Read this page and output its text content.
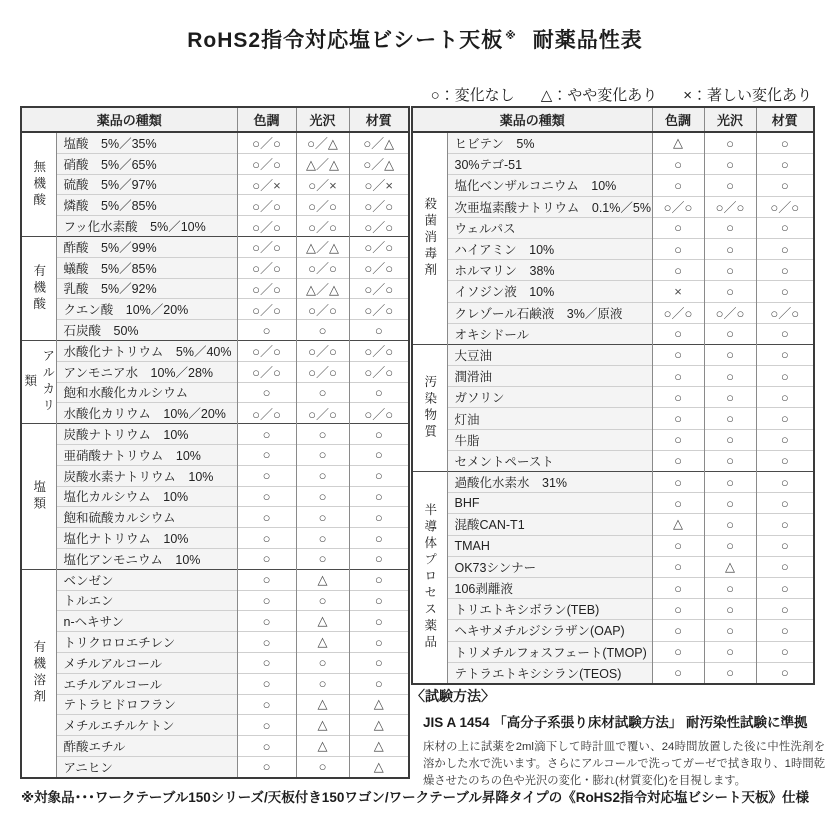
RoHS2指令対応塩ビシート天板 ※ 耐薬品性表
○：変化なし △：やや変化あり ×：著しい変化あり
薬品の種類		色調	光沢	材質
無機酸	塩酸　5%／35%	○／○	○／△	○／△
	硝酸　5%／65%	○／○	△／△	○／△
	硫酸　5%／97%	○／×	○／×	○／×
	燐酸　5%／85%	○／○	○／○	○／○
	フッ化水素酸　5%／10%	○／○	○／○	○／○
有機酸	酢酸　5%／99%	○／○	△／△	○／○
	蟻酸　5%／85%	○／○	○／○	○／○
	乳酸　5%／92%	○／○	△／△	○／○
	クエン酸　10%／20%	○／○	○／○	○／○
	石炭酸　50%	○	○	○
アルカリ類	水酸化ナトリウム　5%／40%	○／○	○／○	○／○
	アンモニア水　10%／28%	○／○	○／○	○／○
	飽和水酸化カルシウム	○	○	○
	水酸化カリウム　10%／20%	○／○	○／○	○／○
塩類	炭酸ナトリウム　10%	○	○	○
	亜硝酸ナトリウム　10%	○	○	○
	炭酸水素ナトリウム　10%	○	○	○
	塩化カルシウム　10%	○	○	○
	飽和硫酸カルシウム	○	○	○
	塩化ナトリウム　10%	○	○	○
	塩化アンモニウム　10%	○	○	○
有機溶剤	ベンゼン	○	△	○
	トルエン	○	○	○
	n-ヘキサン	○	△	○
	トリクロロエチレン	○	△	○
	メチルアルコール	○	○	○
	エチルアルコール	○	○	○
	テトラヒドロフラン	○	△	△
	メチルエチルケトン	○	△	△
	酢酸エチル	○	△	△
	アニヒン	○	○	△
薬品の種類		色調	光沢	材質
殺菌消毒剤	ヒビテン　5%	△	○	○
	30%テゴ-51	○	○	○
	塩化ベンザルコニウム　10%	○	○	○
	次亜塩素酸ナトリウム　0.1%／5%	○／○	○／○	○／○
	ウェルパス	○	○	○
	ハイアミン　10%	○	○	○
	ホルマリン　38%	○	○	○
	イソジン液　10%	×	○	○
	クレゾール石鹸液　3%／原液	○／○	○／○	○／○
	オキシドール	○	○	○
汚染物質	大豆油	○	○	○
	潤滑油	○	○	○
	ガソリン	○	○	○
	灯油	○	○	○
	牛脂	○	○	○
	セメントペースト	○	○	○
半導体プロセス薬品	過酸化水素水　31%	○	○	○
	BHF	○	○	○
	混酸CAN-T1	△	○	○
	TMAH	○	○	○
	OK73シンナー	○	△	○
	106剥離液	○	○	○
	トリエトキシボラン(TEB)	○	○	○
	ヘキサメチルジシラザン(OAP)	○	○	○
	トリメチルフォスフェート(TMOP)	○	○	○
	テトラエトキシシラン(TEOS)	○	○	○
〈試験方法〉
JIS A 1454 「高分子系張り床材試験方法」 耐汚染性試験に準拠
床材の上に試薬を2ml滴下して時計皿で覆い、24時間放置した後に中性洗剤を溶かした水で洗います。さらにアルコールで洗ってガーゼで拭き取り、1時間乾燥させたのちの色や光沢の変化・膨れ(材質変化)を目視します。
※対象品･･･ワークテーブル150シリーズ/天板付き150ワゴン/ワークテーブル昇降タイプの《RoHS2指令対応塩ビシート天板》仕様
